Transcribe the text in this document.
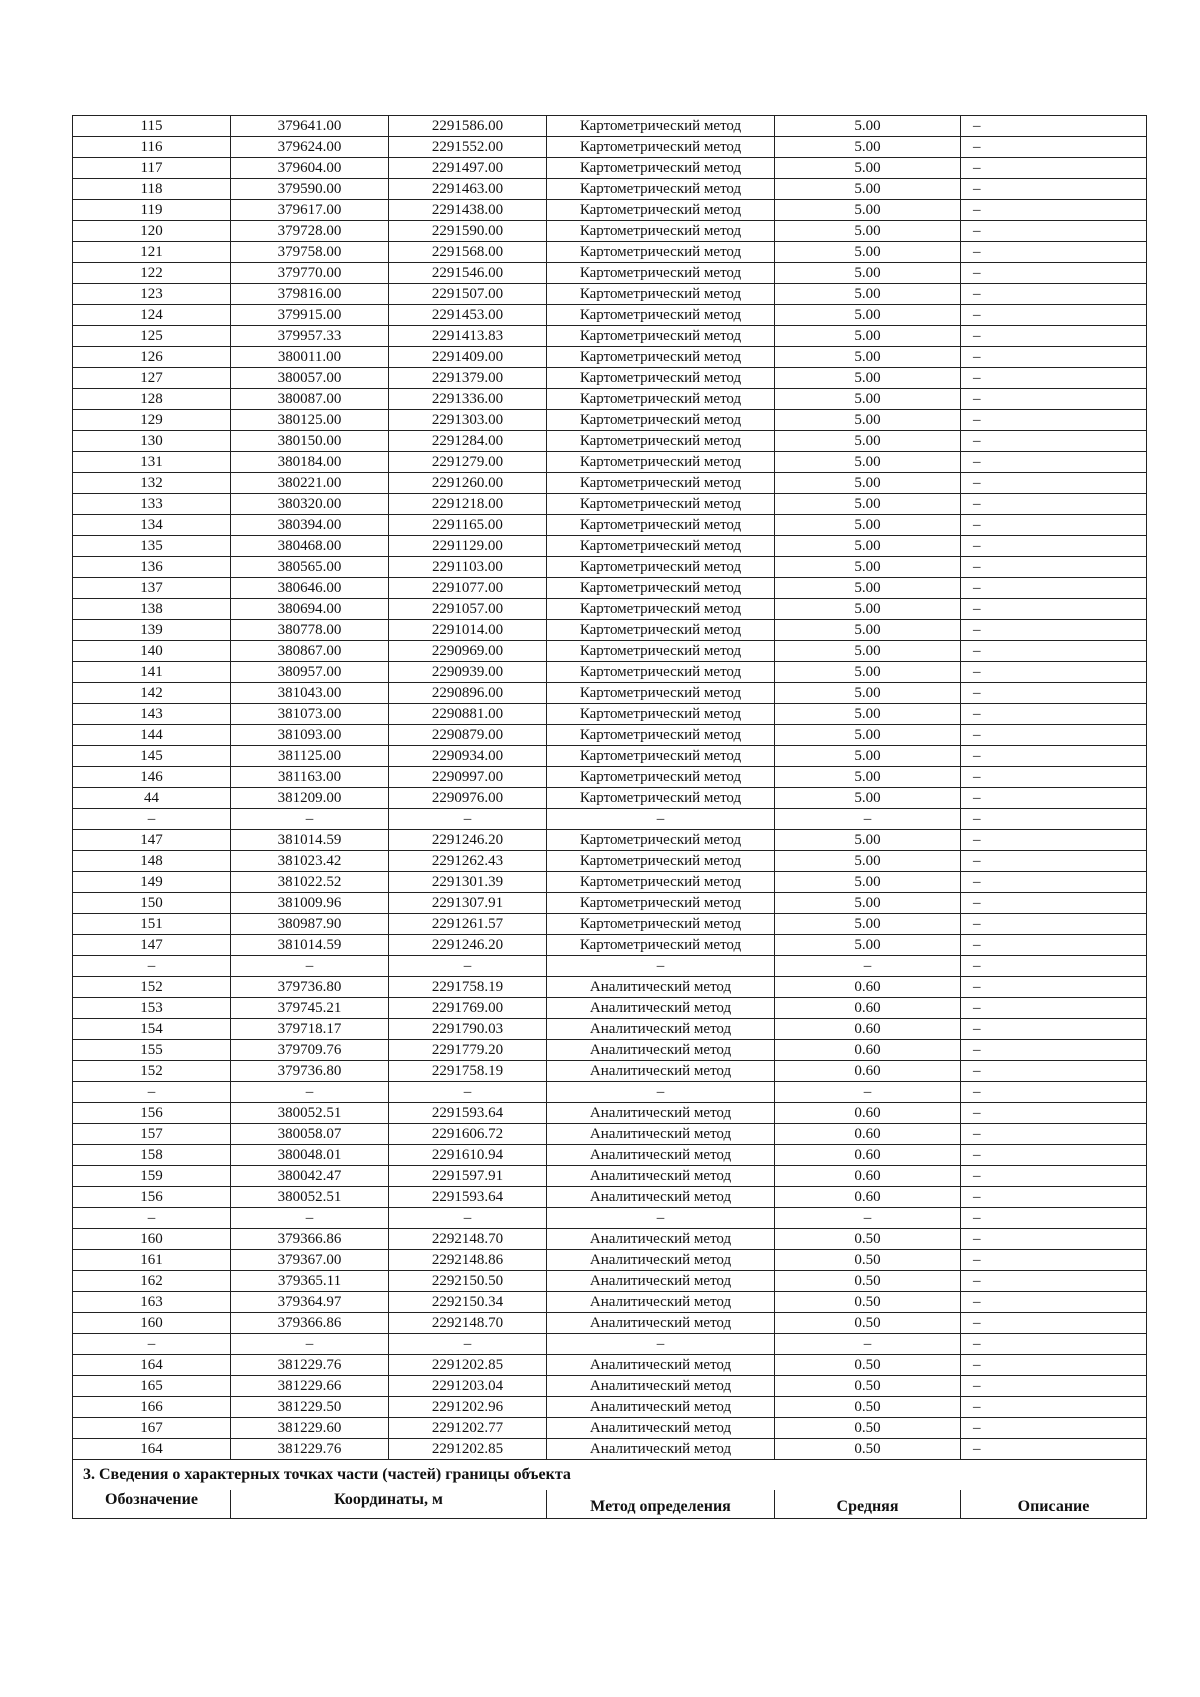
115	379641.00	2291586.00	Картометрический метод	5.00	–
116	379624.00	2291552.00	Картометрический метод	5.00	–
117	379604.00	2291497.00	Картометрический метод	5.00	–
118	379590.00	2291463.00	Картометрический метод	5.00	–
119	379617.00	2291438.00	Картометрический метод	5.00	–
120	379728.00	2291590.00	Картометрический метод	5.00	–
121	379758.00	2291568.00	Картометрический метод	5.00	–
122	379770.00	2291546.00	Картометрический метод	5.00	–
123	379816.00	2291507.00	Картометрический метод	5.00	–
124	379915.00	2291453.00	Картометрический метод	5.00	–
125	379957.33	2291413.83	Картометрический метод	5.00	–
126	380011.00	2291409.00	Картометрический метод	5.00	–
127	380057.00	2291379.00	Картометрический метод	5.00	–
128	380087.00	2291336.00	Картометрический метод	5.00	–
129	380125.00	2291303.00	Картометрический метод	5.00	–
130	380150.00	2291284.00	Картометрический метод	5.00	–
131	380184.00	2291279.00	Картометрический метод	5.00	–
132	380221.00	2291260.00	Картометрический метод	5.00	–
133	380320.00	2291218.00	Картометрический метод	5.00	–
134	380394.00	2291165.00	Картометрический метод	5.00	–
135	380468.00	2291129.00	Картометрический метод	5.00	–
136	380565.00	2291103.00	Картометрический метод	5.00	–
137	380646.00	2291077.00	Картометрический метод	5.00	–
138	380694.00	2291057.00	Картометрический метод	5.00	–
139	380778.00	2291014.00	Картометрический метод	5.00	–
140	380867.00	2290969.00	Картометрический метод	5.00	–
141	380957.00	2290939.00	Картометрический метод	5.00	–
142	381043.00	2290896.00	Картометрический метод	5.00	–
143	381073.00	2290881.00	Картометрический метод	5.00	–
144	381093.00	2290879.00	Картометрический метод	5.00	–
145	381125.00	2290934.00	Картометрический метод	5.00	–
146	381163.00	2290997.00	Картометрический метод	5.00	–
44	381209.00	2290976.00	Картометрический метод	5.00	–
–	–	–	–	–	–
147	381014.59	2291246.20	Картометрический метод	5.00	–
148	381023.42	2291262.43	Картометрический метод	5.00	–
149	381022.52	2291301.39	Картометрический метод	5.00	–
150	381009.96	2291307.91	Картометрический метод	5.00	–
151	380987.90	2291261.57	Картометрический метод	5.00	–
147	381014.59	2291246.20	Картометрический метод	5.00	–
–	–	–	–	–	–
152	379736.80	2291758.19	Аналитический метод	0.60	–
153	379745.21	2291769.00	Аналитический метод	0.60	–
154	379718.17	2291790.03	Аналитический метод	0.60	–
155	379709.76	2291779.20	Аналитический метод	0.60	–
152	379736.80	2291758.19	Аналитический метод	0.60	–
–	–	–	–	–	–
156	380052.51	2291593.64	Аналитический метод	0.60	–
157	380058.07	2291606.72	Аналитический метод	0.60	–
158	380048.01	2291610.94	Аналитический метод	0.60	–
159	380042.47	2291597.91	Аналитический метод	0.60	–
156	380052.51	2291593.64	Аналитический метод	0.60	–
–	–	–	–	–	–
160	379366.86	2292148.70	Аналитический метод	0.50	–
161	379367.00	2292148.86	Аналитический метод	0.50	–
162	379365.11	2292150.50	Аналитический метод	0.50	–
163	379364.97	2292150.34	Аналитический метод	0.50	–
160	379366.86	2292148.70	Аналитический метод	0.50	–
–	–	–	–	–	–
164	381229.76	2291202.85	Аналитический метод	0.50	–
165	381229.66	2291203.04	Аналитический метод	0.50	–
166	381229.50	2291202.96	Аналитический метод	0.50	–
167	381229.60	2291202.77	Аналитический метод	0.50	–
164	381229.76	2291202.85	Аналитический метод	0.50	–
3. Сведения о характерных точках части (частей) границы объекта					
Обозначение	Координаты, м		Метод определения	Средняя	Описание
